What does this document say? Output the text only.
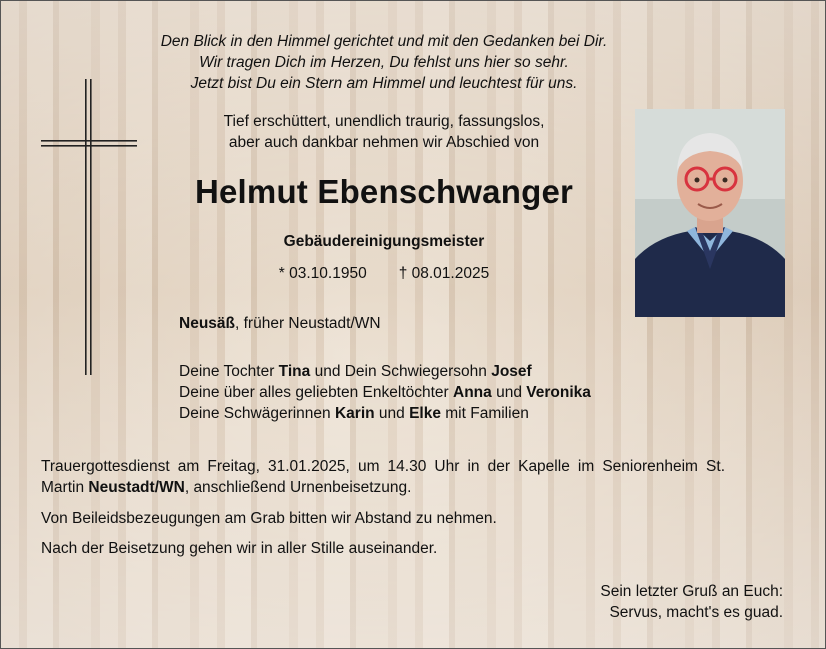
Den Blick in den Himmel gerichtet und mit den Gedanken bei Dir.
Wir tragen Dich im Herzen, Du fehlst uns hier so sehr.
Jetzt bist Du ein Stern am Himmel und leuchtest für uns.
Tief erschüttert, unendlich traurig, fassungslos,
aber auch dankbar nehmen wir Abschied von
Helmut Ebenschwanger
Gebäudereinigungsmeister
* 03.10.1950 † 08.01.2025
Neusäß, früher Neustadt/WN
Deine Tochter Tina und Dein Schwiegersohn Josef
Deine über alles geliebten Enkeltöchter Anna und Veronika
Deine Schwägerinnen Karin und Elke mit Familien
Trauergottesdienst am Freitag, 31.01.2025, um 14.30 Uhr in der Kapelle im Seniorenheim St. Martin Neustadt/WN, anschließend Urnenbeisetzung.
Von Beileidsbezeugungen am Grab bitten wir Abstand zu nehmen.
Nach der Beisetzung gehen wir in aller Stille auseinander.
Sein letzter Gruß an Euch:
Servus, macht's es guad.
